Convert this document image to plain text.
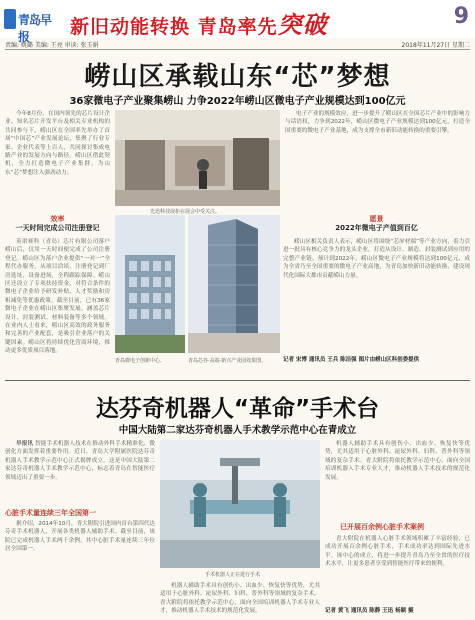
青岛早报	新旧动能转换 青岛率先突破	9
责编: 姚璐 美编: 王亮 审读: 张玉娟	2018年11月27日 星期二
崂山区承载山东“芯”梦想
36家微电子产业聚集崂山 力争2022年崂山区微电子产业规模达到100亿元

今年8月份，在国内领先的芯片设计企业、知名芯片开发平台及相关专业机构的共同参与下，崂山区在全国率先举办了首场“中国芯”产业发展论坛，集聚了行业专家、企业代表等上百人，共同探讨集成电路产业的发展方向与路径。崂山区借此契机，全力打造微电子产业集群，为山东“芯”梦想注入强劲动力。

光迅科技展柜在展会中受关注。

电子产业的规模效应，进一步提升了崂山区在全国芯片产业中的影响力与话语权，力争到2022年，崂山区微电子产业规模达到100亿元，打造全国重要的微电子产业基地，成为支撑全市新旧动能转换的重要引擎。

效率
一天时间完成公司注册登记

英诺赛科（青岛）芯片有限公司落户崂山后，仅用一天时间便完成了公司注册登记。崂山区为落户企业提供“一对一”全程代办服务，从项目洽谈、注册登记到厂房选址、设备进场，全程跟踪保障。崂山区还设立了专项扶持资金，对符合条件的微电子企业给予研发补贴、人才奖励和房租减免等优惠政策。截至目前，已有36家微电子企业在崂山区集聚发展，涵盖芯片设计、封装测试、材料装备等多个领域。在业内人士看来，崂山区高效的政务服务和完善的产业配套，是吸引企业落户的关键因素。崂山区将持续优化营商环境，推动更多优质项目落地。

青岛微电子创新中心。	青岛芯谷·高端·新兴产业园效果图。
愿景
2022年微电子产值到百亿

崂山区相关负责人表示，崂山区将围绕“芯屏材端”等产业方向，着力引进一批具有核心竞争力的龙头企业，打造从设计、制造、封装测试到应用的完整产业链。预计到2022年，崂山区微电子产业规模将达到100亿元，成为全省乃至全国重要的微电子产业高地，为青岛加快新旧动能转换、建设现代化国际大都市贡献崂山力量。

记者 宋博 通讯员 王兵 陈洁强 图片由崂山区科创委提供
达芬奇机器人“革命”手术台
中国大陆第二家达芬奇机器人手术教学示范中心在青成立

早报讯 智能手术机器人技术在推动外科手术精准化、微创化方面发挥着重要作用。近日，青岛大学附属医院达芬奇机器人手术教学示范中心正式揭牌成立，这是中国大陆第二家达芬奇机器人手术教学示范中心，标志着青岛在智能医疗领域迈出了重要一步。

心脏手术量连续三年全国第一

据介绍，2014年10月，青大附院引进国内首台第四代达芬奇手术机器人，开展各类机器人辅助手术。截至目前，该院已完成机器人手术两千余例，其中心脏手术量连续三年位居全国第一。

手术机器人正在进行手术

机器人辅助手术具有创伤小、出血少、恢复快等优势，尤其适用于心脏外科、泌尿外科、妇科、普外科等领域的复杂手术。青大附院将依托教学示范中心，面向全国培训机器人手术专业人才，推动机器人手术技术的规范化发展。

机器人辅助手术具有创伤小、出血少、恢复快等优势，尤其适用于心脏外科、泌尿外科、妇科、普外科等领域的复杂手术。青大附院将依托教学示范中心，面向全国培训机器人手术专业人才，推动机器人手术技术的规范化发展。

已开展百余例心脏手术案例

青大附院在机器人心脏手术领域积累了丰富经验，已成功开展百余例心脏手术，手术成功率达到国际先进水平。该中心的成立，将进一步提升青岛乃至全省的医疗技术水平，让更多患者享受到智能医疗带来的便利。

记者 黄飞 通讯员 陈静 王迅 杨颖 摄
